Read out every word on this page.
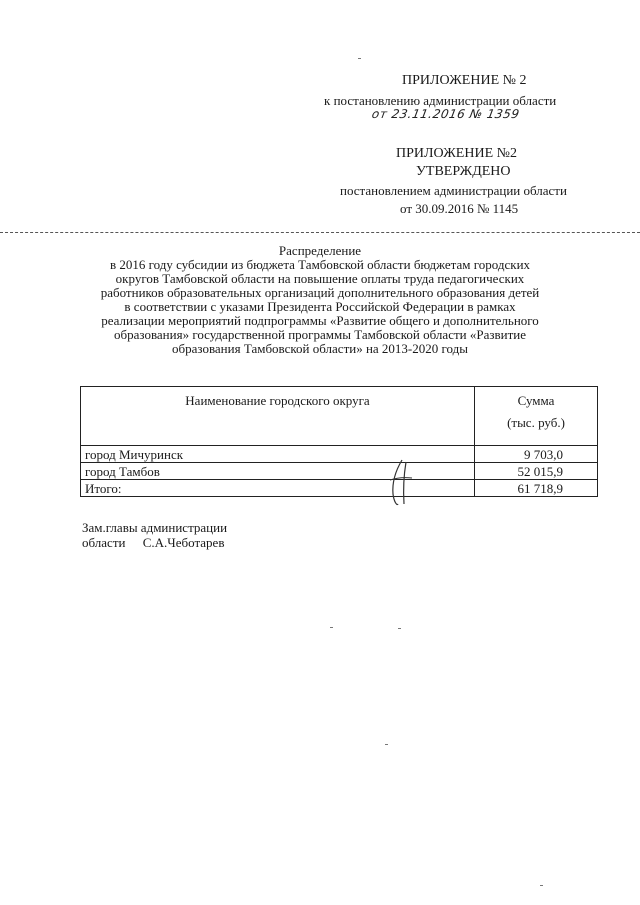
ПРИЛОЖЕНИЕ № 2
к постановлению администрации области
от 23.11.2016 № 1359
ПРИЛОЖЕНИЕ №2
УТВЕРЖДЕНО
постановлением администрации области
от 30.09.2016 № 1145
Распределение
в 2016 году субсидии из бюджета Тамбовской области бюджетам городских
округов Тамбовской области на повышение оплаты труда педагогических
работников образовательных организаций дополнительного образования детей
в соответствии с указами Президента Российской Федерации в рамках
реализации мероприятий подпрограммы «Развитие общего и дополнительного
образования» государственной программы Тамбовской области «Развитие
образования Тамбовской области» на 2013-2020 годы
Наименование городского округа	Сумма
(тыс. руб.)

город Мичуринск	9 703,0
город Тамбов	52 015,9
Итого:	61 718,9
Зам.главы администрации
области С.А.Чеботарев
